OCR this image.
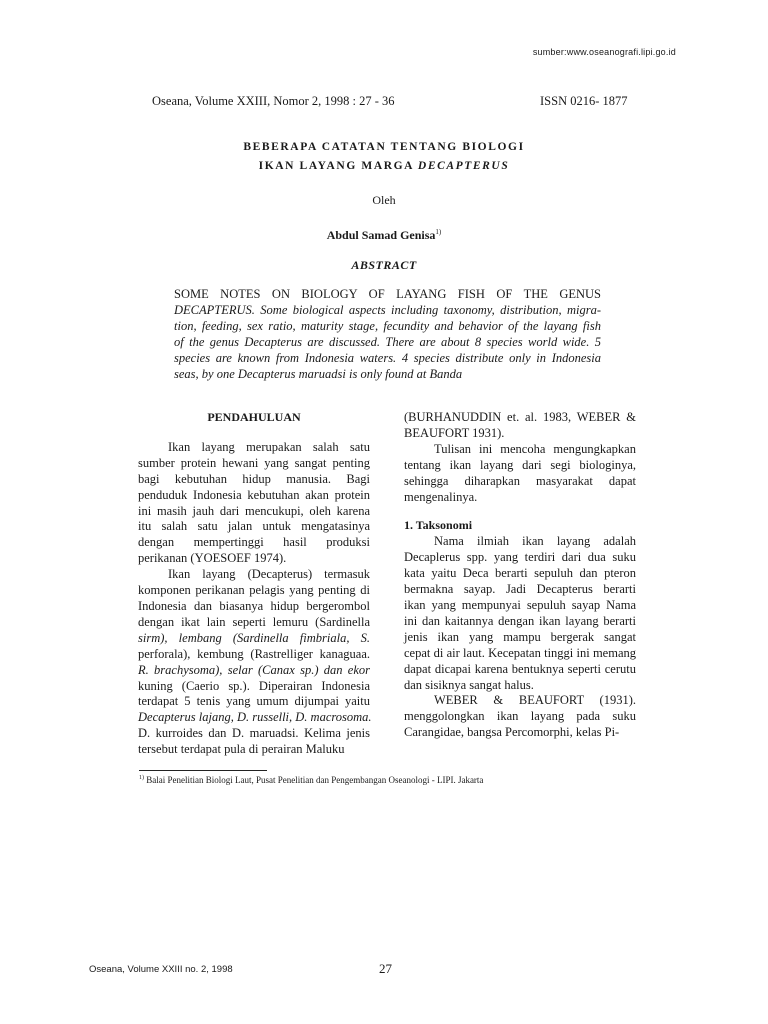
sumber:www.oseanografi.lipi.go.id
Oseana, Volume XXIII, Nomor 2, 1998 : 27 - 36	ISSN 0216- 1877
BEBERAPA CATATAN TENTANG BIOLOGI
IKAN LAYANG MARGA DECAPTERUS
Oleh
Abdul Samad Genisa$^{1)}$
ABSTRACT
SOME NOTES ON BIOLOGY OF LAYANG FISH OF THE GENUS
DECAPTERUS. Some biological aspects including taxonomy, distribution, migra-
tion, feeding, sex ratio, maturity stage, fecundity and behavior of the layang fish
of the genus Decapterus are discussed. There are about 8 species world wide. 5
species are known from Indonesia waters. 4 species distribute only in Indonesia
seas, by one Decapterus maruadsi is only found at Banda
PENDAHULUAN
Ikan layang merupakan salah satu
sumber protein hewani yang sangat penting
bagi kebutuhan hidup manusia. Bagi
penduduk Indonesia kebutuhan akan protein
ini masih jauh dari mencukupi, oleh karena
itu salah satu jalan untuk mengatasinya
dengan mempertinggi hasil produksi
perikanan (YOESOEF 1974).
Ikan layang (Decapterus) termasuk
komponen perikanan pelagis yang penting di
Indonesia dan biasanya hidup bergerombol
dengan ikat lain seperti lemuru (Sardinella
sirm), lembang (Sardinella fimbriala, S.
perforala), kembung (Rastrelliger kanaguaa.
R. brachysoma), selar (Canax sp.) dan ekor
kuning (Caerio sp.). Diperairan Indonesia
terdapat 5 tenis yang umum dijumpai yaitu
Decapterus lajang, D. russelli, D. macrosoma.
D. kurroides dan D. maruadsi. Kelima jenis
tersebut terdapat pula di perairan Maluku
(BURHANUDDIN et. al. 1983, WEBER &
BEAUFORT 1931).
Tulisan ini mencoha mengungkapkan
tentang ikan layang dari segi biologinya,
sehingga diharapkan masyarakat dapat
mengenalinya.
1. Taksonomi
Nama ilmiah ikan layang adalah
Decaplerus spp. yang terdiri dari dua suku
kata yaitu Deca berarti sepuluh dan pteron
bermakna sayap. Jadi Decapterus berarti
ikan yang mempunyai sepuluh sayap Nama
ini dan kaitannya dengan ikan layang berarti
jenis ikan yang mampu bergerak sangat
cepat di air laut. Kecepatan tinggi ini memang
dapat dicapai karena bentuknya seperti cerutu
dan sisiknya sangat halus.
WEBER & BEAUFORT (1931).
menggolongkan ikan layang pada suku
Carangidae, bangsa Percomorphi, kelas Pi-
$^{1)}$ Balai Penelitian Biologi Laut, Pusat Penelitian dan Pengembangan Oseanologi - LIPI. Jakarta
Oseana, Volume XXIII no. 2, 1998	27
